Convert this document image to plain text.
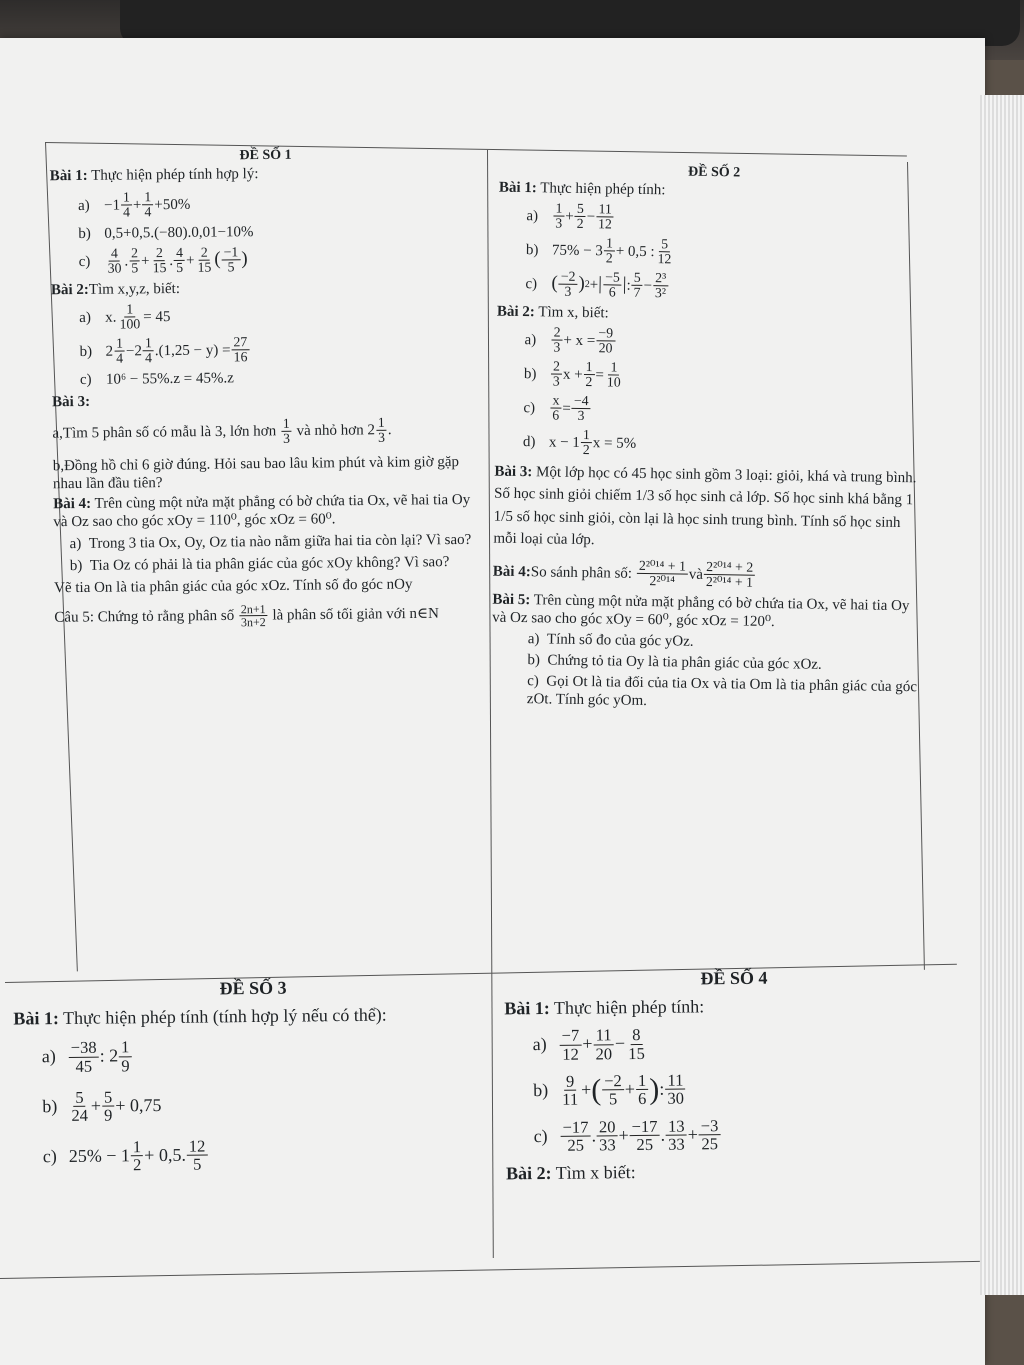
ĐỀ SỐ 1

Bài 1: Thực hiện phép tính hợp lý:

$a) -1 \frac{1}{4} + \frac{1}{4} +50\%$
b) 0,5+0,5.(−80).0,01−10%
c)	$\frac{4}{30}$ . $\frac{2}{5} + \frac{2}{15}$ . $\frac{4}{5} + \frac{2}{15}$ ( $\frac{-1}{5}$ )

Bài 2:Tìm x,y,z, biết:

a) x. $\frac{1}{100} = 45$
b) $2 \frac{1}{4} -2 \frac{1}{4} .(1,25 - y) = \frac{27}{16}$
c) 10⁶ − 55%.z = 45%.z

Bài 3:

a,Tìm 5 phân số có mẫu là 3, lớn hơn $\frac{1}{3}$ và nhỏ hơn $2 \frac{1}{3}$ .

b,Đồng hồ chỉ 6 giờ đúng. Hỏi sau bao lâu kim phút và kim giờ gặp nhau lần đầu tiên?

Bài 4: Trên cùng một nửa mặt phẳng có bờ chứa tia Ox, vẽ hai tia Oy và Oz sao cho góc xOy = 110⁰, góc xOz = 60⁰.

a)  Trong 3 tia Ox, Oy, Oz tia nào nằm giữa hai tia còn lại? Vì sao?

b)  Tia Oz có phải là tia phân giác của góc xOy không? Vì sao?

Vẽ tia On là tia phân giác của góc xOz. Tính số đo góc nOy

Câu 5: Chứng tỏ rằng phân số $\frac{2n+1}{3n+2}$ là phân số tối giản với n∈N

ĐỀ SỐ 2

Bài 1: Thực hiện phép tính:

a)	$\frac{1}{3} + \frac{5}{2} - \frac{11}{12}$
b) $75\% - 3 \frac{1}{2} + 0,5$ : $\frac{5}{12}$
c) ( $\frac{-2}{3}$ ) 2 + | $\frac{-5}{6}$ | : $\frac{5}{7} - \frac{\text{2³}}{\text{3²}}$

Bài 2: Tìm x, biết:

a)	$\frac{2}{3} + x = \frac{-9}{20}$
b)	$\frac{2}{3}$ $x + \frac{1}{2} = \frac{1}{10}$
c)	$\frac{x}{6} = \frac{-4}{3}$
d) $x - 1 \frac{1}{2}$ x = 5%

Bài 3: Một lớp học có 45 học sinh gồm 3 loại: giỏi, khá và trung bình. Số học sinh giỏi chiếm 1/3 số học sinh cả lớp. Số học sinh khá bằng 1 1/5 số học sinh giỏi, còn lại là học sinh trung bình. Tính số học sinh mỗi loại của lớp.

Bài 4: So sánh phân số:
$\frac{\text{2²⁰¹⁴ + 1}}{\text{2²⁰¹⁴}}$ và $\frac{\text{2²⁰¹⁴ + 2}}{\text{2²⁰¹⁴ + 1}}$

Bài 5: Trên cùng một nửa mặt phẳng có bờ chứa tia Ox, vẽ hai tia Oy và Oz sao cho góc xOy = 60⁰, góc xOz = 120⁰.

a)  Tính số đo của góc yOz.

b)  Chứng tỏ tia Oy là tia phân giác của góc xOz.

c)  Gọi Ot là tia đối của tia Ox và tia Om là tia phân giác của góc zOt. Tính góc yOm.

ĐỀ SỐ 3

Bài 1: Thực hiện phép tính (tính hợp lý nếu có thể):

$a) \frac{-38}{45}$ : $2 \frac{1}{9}$
$b) \frac{5}{24} + \frac{5}{9} + 0,75$
c) $25\% - 1 \frac{1}{2} + 0,5$. $\frac{12}{5}$

ĐỀ SỐ 4

Bài 1: Thực hiện phép tính:

$a) \frac{-7}{12} + \frac{11}{20} - \frac{8}{15}$
$b) \frac{9}{11}$ + ( $\frac{-2}{5} + \frac{1}{6}$ ) : $\frac{11}{30}$
$c) \frac{-17}{25}$ . $\frac{20}{33} + \frac{-17}{25}$ . $\frac{13}{33} + \frac{-3}{25}$

Bài 2: Tìm x biết:
